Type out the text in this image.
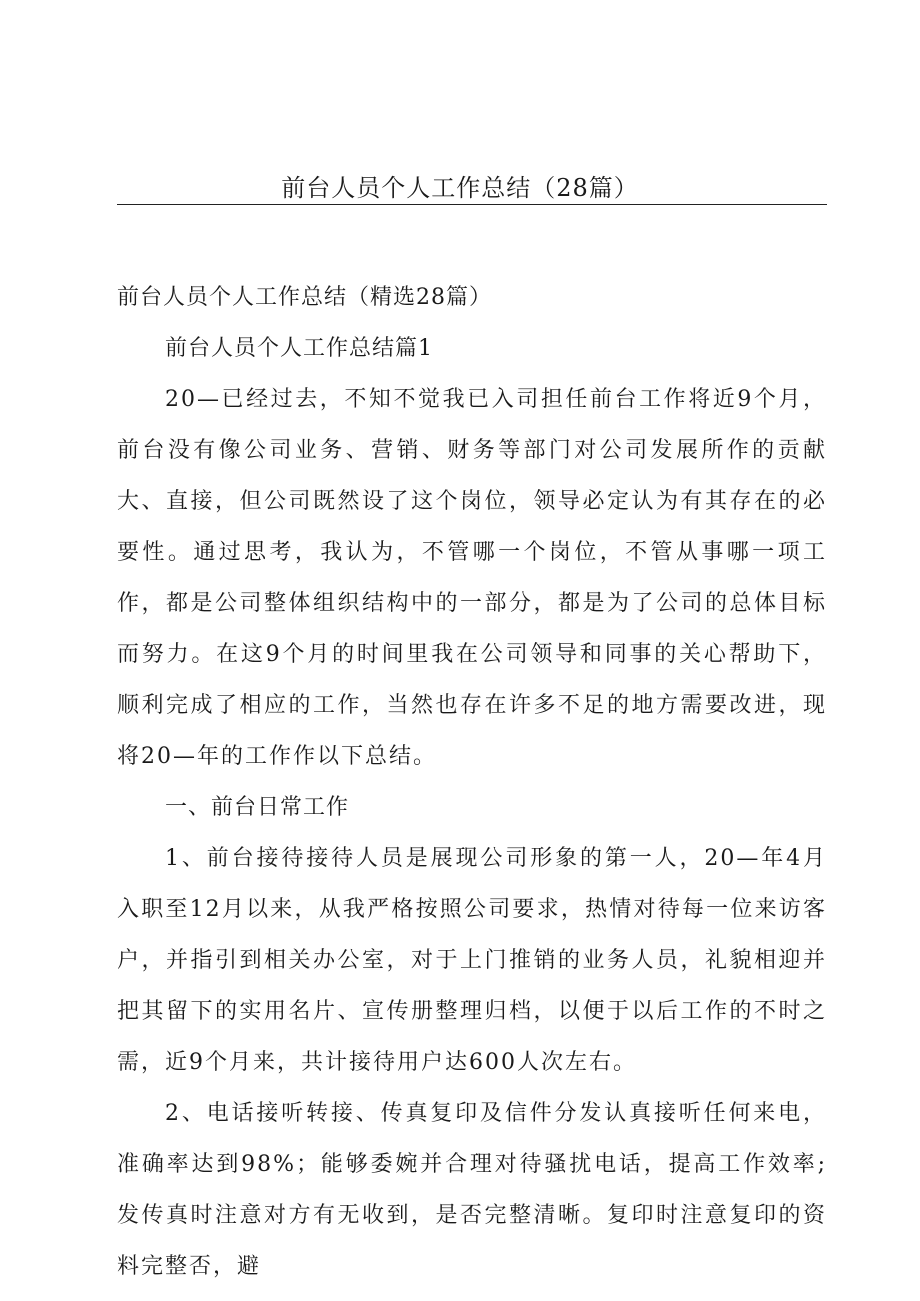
前台人员个人工作总结（28篇）

前台人员个人工作总结（精选28篇）

前台人员个人工作总结篇1

20—已经过去，不知不觉我已入司担任前台工作将近9个月，前台没有像公司业务、营销、财务等部门对公司发展所作的贡献大、直接，但公司既然设了这个岗位，领导必定认为有其存在的必要性。通过思考，我认为，不管哪一个岗位，不管从事哪一项工作，都是公司整体组织结构中的一部分，都是为了公司的总体目标而努力。在这9个月的时间里我在公司领导和同事的关心帮助下，顺利完成了相应的工作，当然也存在许多不足的地方需要改进，现将20—年的工作作以下总结。

一、前台日常工作

1、前台接待接待人员是展现公司形象的第一人，20—年4月入职至12月以来，从我严格按照公司要求，热情对待每一位来访客户，并指引到相关办公室，对于上门推销的业务人员，礼貌相迎并把其留下的实用名片、宣传册整理归档，以便于以后工作的不时之需，近9个月来，共计接待用户达600人次左右。

2、电话接听转接、传真复印及信件分发认真接听任何来电，准确率达到98%；能够委婉并合理对待骚扰电话，提高工作效率;发传真时注意对方有无收到，是否完整清晰。复印时注意复印的资料完整否，避
